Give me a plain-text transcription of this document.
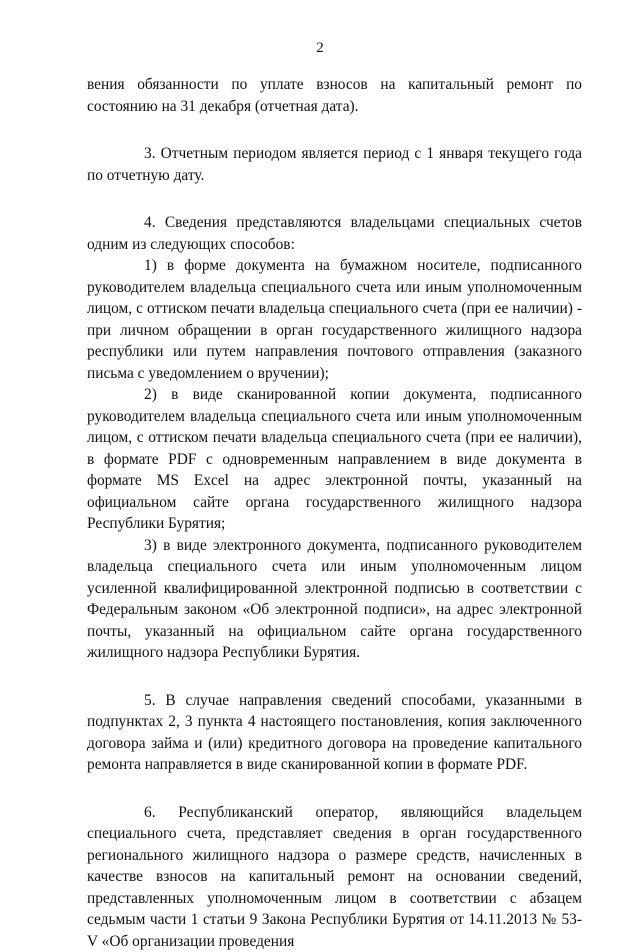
2

вения обязанности по уплате взносов на капитальный ремонт по состоянию на 31 декабря (отчетная дата).

3. Отчетным периодом является период с 1 января текущего года по отчетную дату.

4. Сведения представляются владельцами специальных счетов одним из следующих способов:

1) в форме документа на бумажном носителе, подписанного руководителем владельца специального счета или иным уполномоченным лицом, с оттиском печати владельца специального счета (при ее наличии) - при личном обращении в орган государственного жилищного надзора республики или путем направления почтового отправления (заказного письма с уведомлением о вручении);

2) в виде сканированной копии документа, подписанного руководителем владельца специального счета или иным уполномоченным лицом, с оттиском печати владельца специального счета (при ее наличии), в формате PDF с одновременным направлением в виде документа в формате MS Excel на адрес электронной почты, указанный на официальном сайте органа государственного жилищного надзора Республики Бурятия;

3) в виде электронного документа, подписанного руководителем владельца специального счета или иным уполномоченным лицом усиленной квалифицированной электронной подписью в соответствии с Федеральным законом «Об электронной подписи», на адрес электронной почты, указанный на официальном сайте органа государственного жилищного надзора Республики Бурятия.

5. В случае направления сведений способами, указанными в подпунктах 2, 3 пункта 4 настоящего постановления, копия заключенного договора займа и (или) кредитного договора на проведение капитального ремонта направляется в виде сканированной копии в формате PDF.

6. Республиканский оператор, являющийся владельцем специального счета, представляет сведения в орган государственного регионального жилищного надзора о размере средств, начисленных в качестве взносов на капитальный ремонт на основании сведений, представленных уполномоченным лицом в соответствии с абзацем седьмым части 1 статьи 9 Закона Республики Бурятия от 14.11.2013 № 53-V «Об организации проведения
